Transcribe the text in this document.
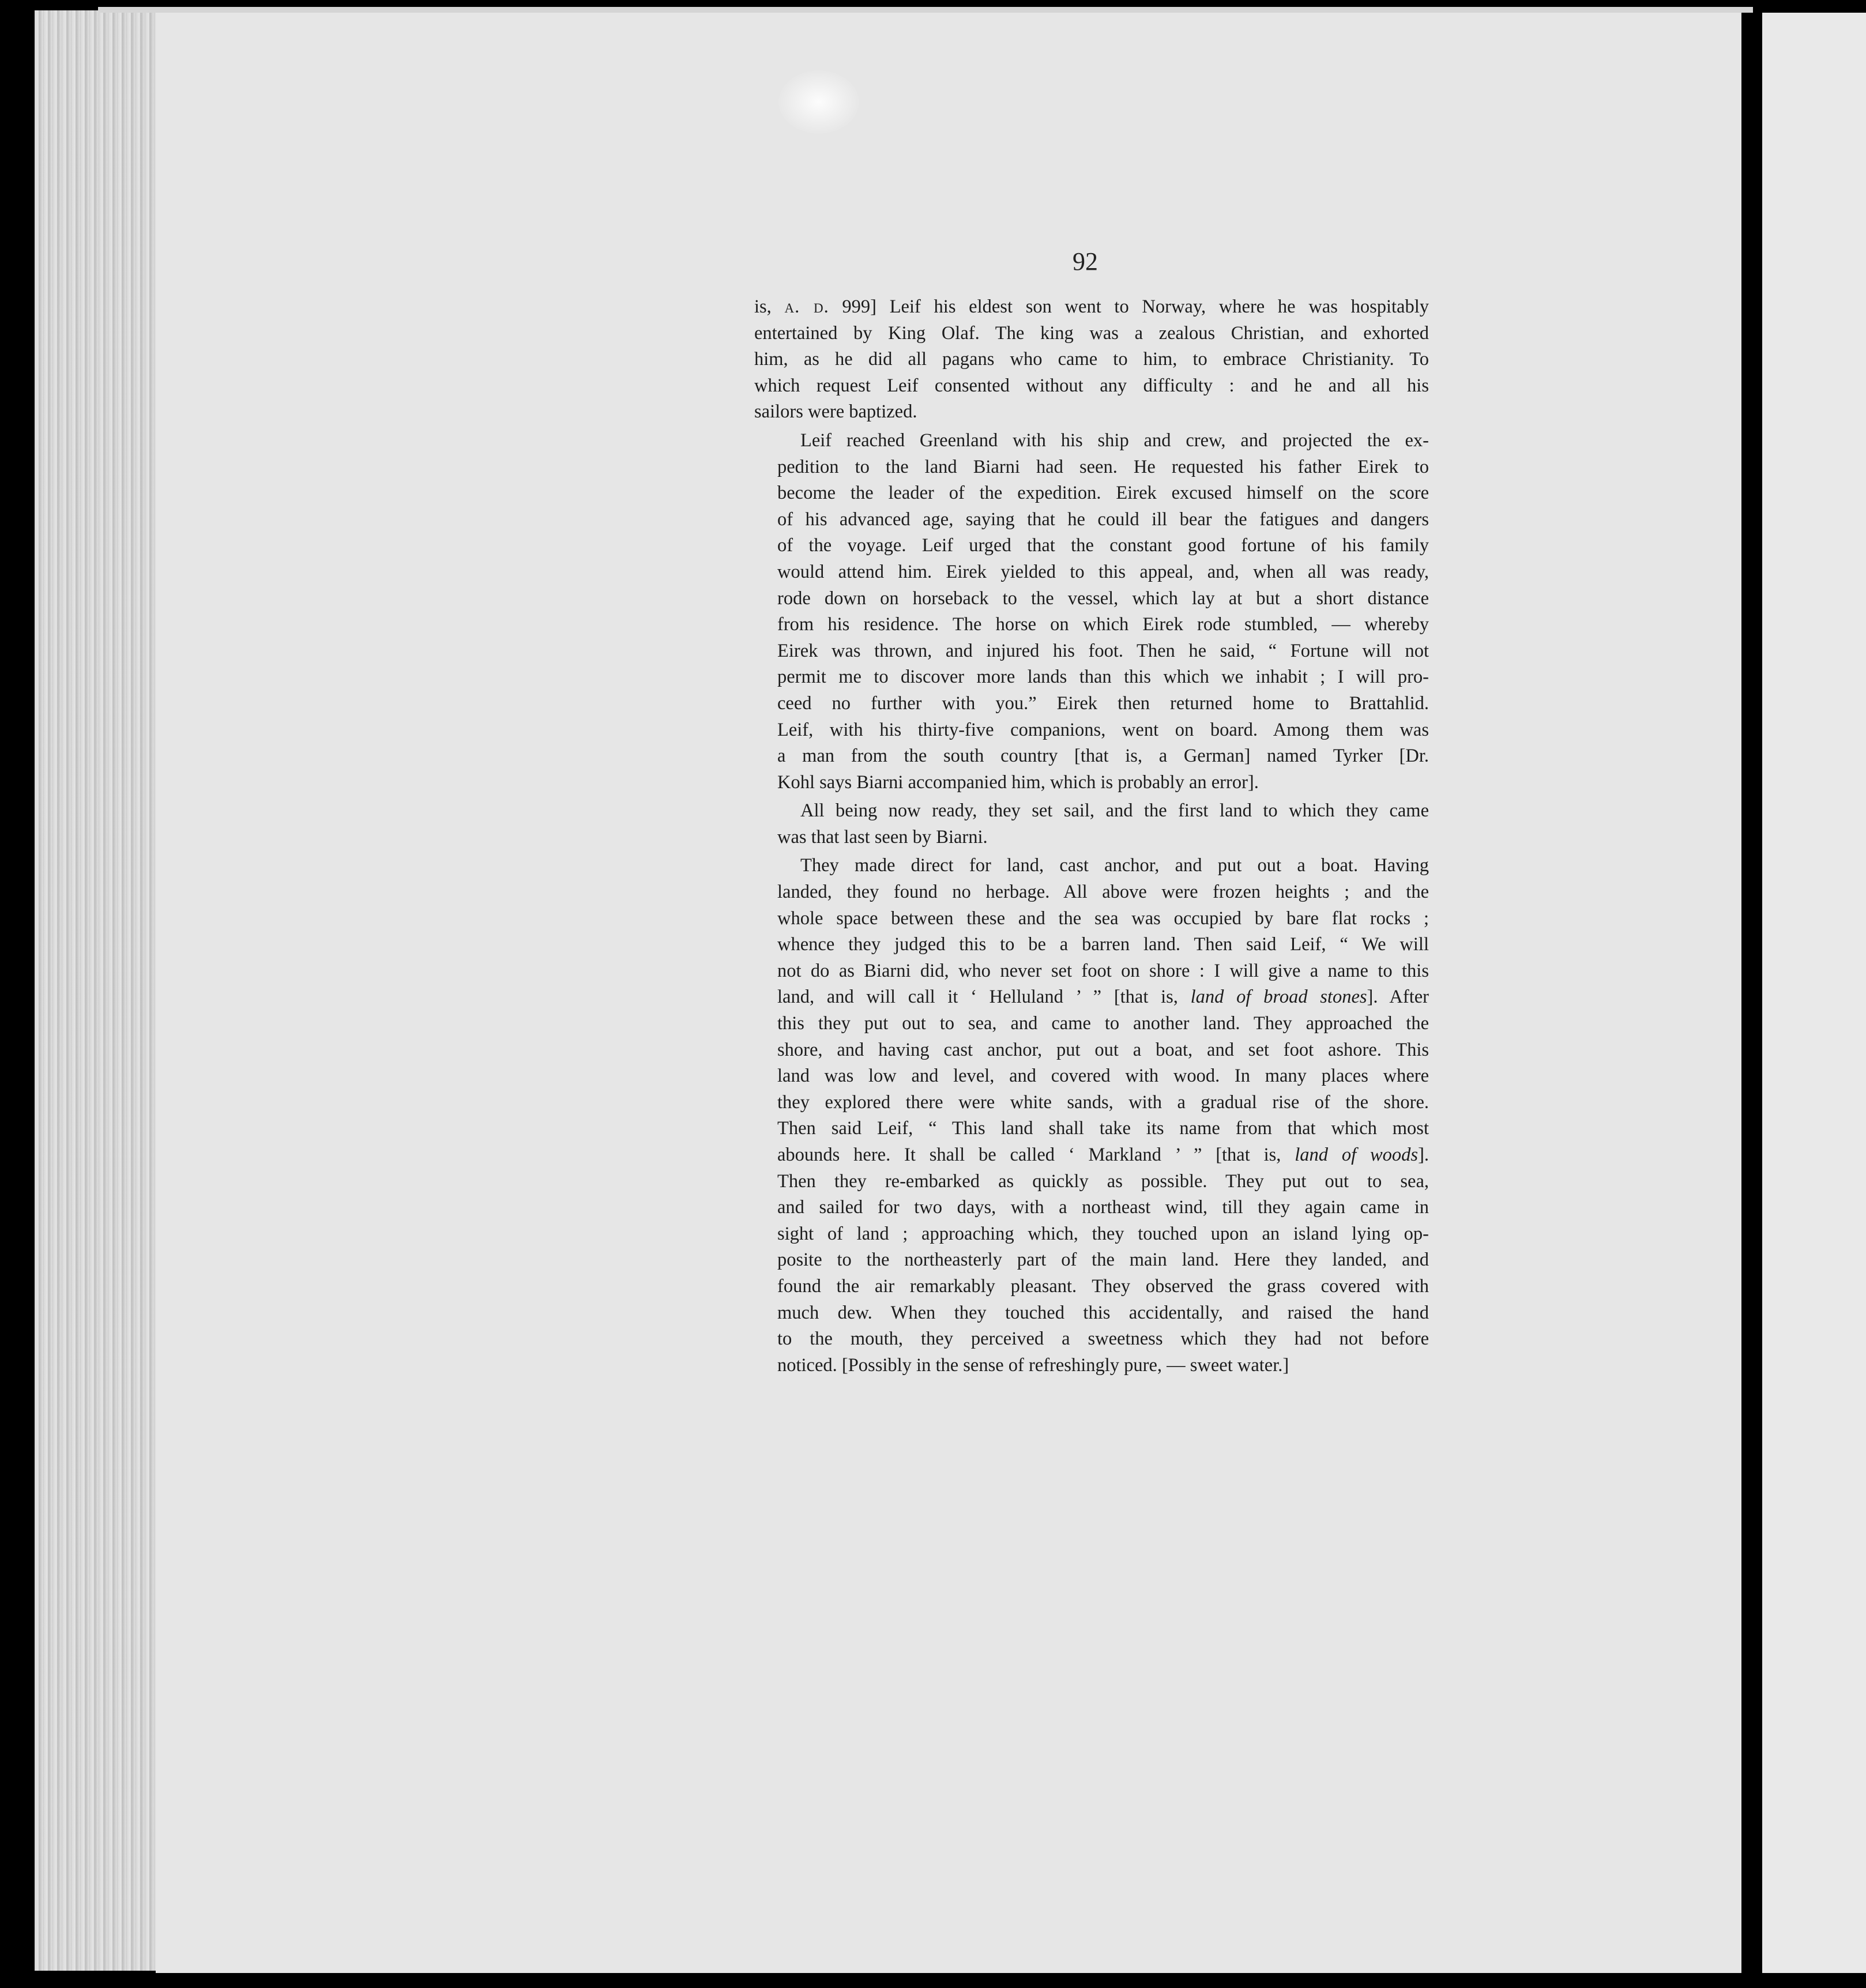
92

is, a. d. 999] Leif his eldest son went to Norway, where he was hospitably
entertained by King Olaf. The king was a zealous Christian, and exhorted
him, as he did all pagans who came to him, to embrace Christianity. To
which request Leif consented without any difficulty : and he and all his
sailors were baptized.

Leif reached Greenland with his ship and crew, and projected the ex-
pedition to the land Biarni had seen. He requested his father Eirek to
become the leader of the expedition. Eirek excused himself on the score
of his advanced age, saying that he could ill bear the fatigues and dangers
of the voyage. Leif urged that the constant good fortune of his family
would attend him. Eirek yielded to this appeal, and, when all was ready,
rode down on horseback to the vessel, which lay at but a short distance
from his residence. The horse on which Eirek rode stumbled, — whereby
Eirek was thrown, and injured his foot. Then he said, “ Fortune will not
permit me to discover more lands than this which we inhabit ; I will pro-
ceed no further with you.” Eirek then returned home to Brattahlid.
Leif, with his thirty-five companions, went on board. Among them was
a man from the south country [that is, a German] named Tyrker [Dr.
Kohl says Biarni accompanied him, which is probably an error].

All being now ready, they set sail, and the first land to which they came
was that last seen by Biarni.

They made direct for land, cast anchor, and put out a boat. Having
landed, they found no herbage. All above were frozen heights ; and the
whole space between these and the sea was occupied by bare flat rocks ;
whence they judged this to be a barren land. Then said Leif, “ We will
not do as Biarni did, who never set foot on shore : I will give a name to this
land, and will call it ‘ Helluland ’ ” [that is, land of broad stones]. After
this they put out to sea, and came to another land. They approached the
shore, and having cast anchor, put out a boat, and set foot ashore. This
land was low and level, and covered with wood. In many places where
they explored there were white sands, with a gradual rise of the shore.
Then said Leif, “ This land shall take its name from that which most
abounds here. It shall be called ‘ Markland ’ ” [that is, land of woods].
Then they re-embarked as quickly as possible. They put out to sea,
and sailed for two days, with a northeast wind, till they again came in
sight of land ; approaching which, they touched upon an island lying op-
posite to the northeasterly part of the main land. Here they landed, and
found the air remarkably pleasant. They observed the grass covered with
much dew. When they touched this accidentally, and raised the hand
to the mouth, they perceived a sweetness which they had not before
noticed. [Possibly in the sense of refreshingly pure, — sweet water.]
